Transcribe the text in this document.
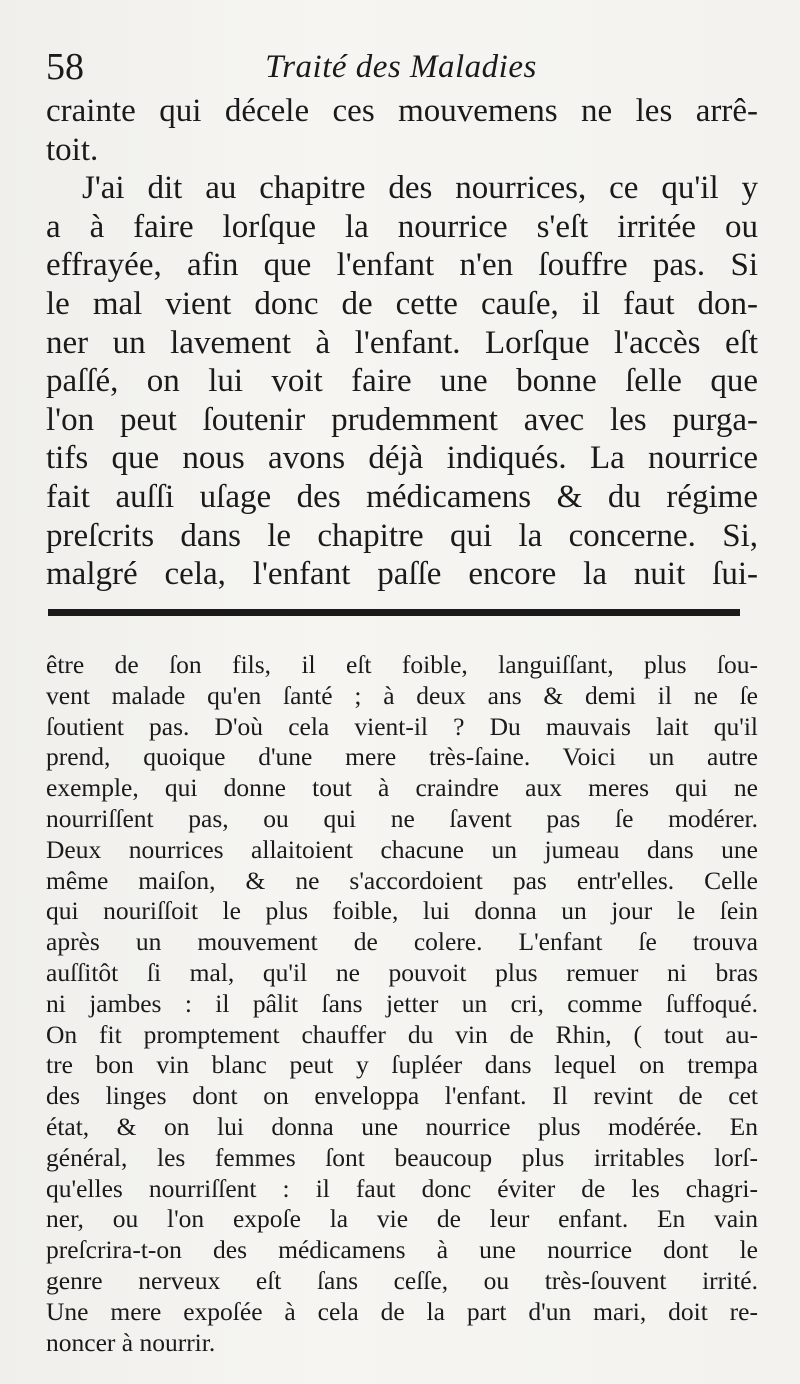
58	Traité des Maladies
crainte qui décele ces mouvemens ne les arrê-
toit.
J'ai dit au chapitre des nourrices, ce qu'il y
a à faire lorſque la nourrice s'eſt irritée ou
effrayée, afin que l'enfant n'en ſouffre pas. Si
le mal vient donc de cette cauſe, il faut don-
ner un lavement à l'enfant. Lorſque l'accès eſt
paſſé, on lui voit faire une bonne ſelle que
l'on peut ſoutenir prudemment avec les purga-
tifs que nous avons déjà indiqués. La nourrice
fait auſſi uſage des médicamens & du régime
preſcrits dans le chapitre qui la concerne. Si,
malgré cela, l'enfant paſſe encore la nuit ſui-
être de ſon fils, il eſt foible, languiſſant, plus ſou-
vent malade qu'en ſanté ; à deux ans & demi il ne ſe
ſoutient pas. D'où cela vient-il ? Du mauvais lait qu'il
prend, quoique d'une mere très-ſaine. Voici un autre
exemple, qui donne tout à craindre aux meres qui ne
nourriſſent pas, ou qui ne ſavent pas ſe modérer.
Deux nourrices allaitoient chacune un jumeau dans une
même maiſon, & ne s'accordoient pas entr'elles. Celle
qui nouriſſoit le plus foible, lui donna un jour le ſein
après un mouvement de colere. L'enfant ſe trouva
auſſitôt ſi mal, qu'il ne pouvoit plus remuer ni bras
ni jambes : il pâlit ſans jetter un cri, comme ſuffoqué.
On fit promptement chauffer du vin de Rhin, ( tout au-
tre bon vin blanc peut y ſupléer dans lequel on trempa
des linges dont on enveloppa l'enfant. Il revint de cet
état, & on lui donna une nourrice plus modérée. En
général, les femmes ſont beaucoup plus irritables lorſ-
qu'elles nourriſſent : il faut donc éviter de les chagri-
ner, ou l'on expoſe la vie de leur enfant. En vain
preſcrira-t-on des médicamens à une nourrice dont le
genre nerveux eſt ſans ceſſe, ou très-ſouvent irrité.
Une mere expoſée à cela de la part d'un mari, doit re-
noncer à nourrir.
